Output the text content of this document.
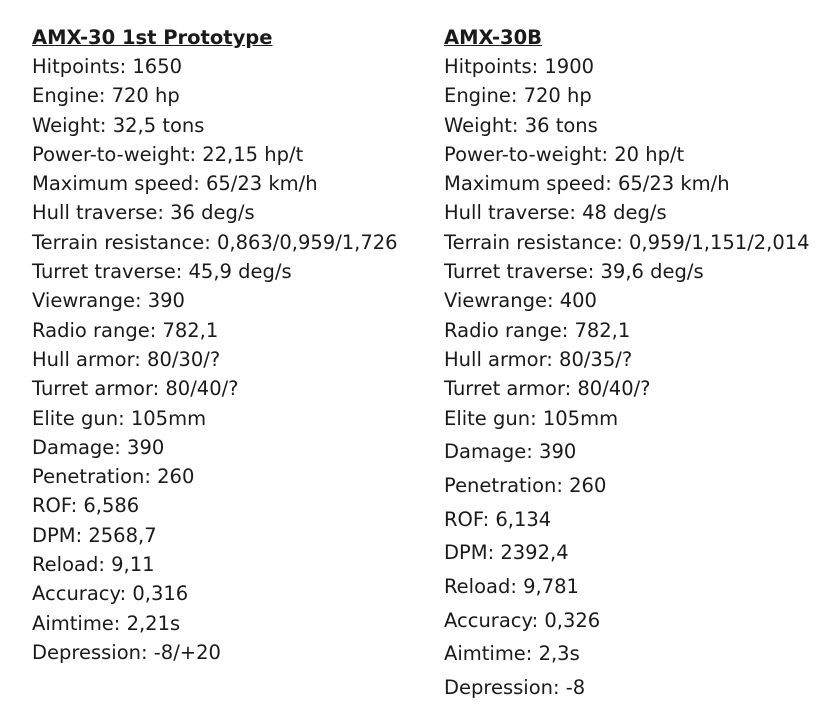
AMX-30 1st Prototype
Hitpoints: 1650
Engine: 720 hp
Weight: 32,5 tons
Power-to-weight: 22,15 hp/t
Maximum speed: 65/23 km/h
Hull traverse: 36 deg/s
Terrain resistance: 0,863/0,959/1,726
Turret traverse: 45,9 deg/s
Viewrange: 390
Radio range: 782,1
Hull armor: 80/30/?
Turret armor: 80/40/?
Elite gun: 105mm
Damage: 390
Penetration: 260
ROF: 6,586
DPM: 2568,7
Reload: 9,11
Accuracy: 0,316
Aimtime: 2,21s
Depression: -8/+20
AMX-30B
Hitpoints: 1900
Engine: 720 hp
Weight: 36 tons
Power-to-weight: 20 hp/t
Maximum speed: 65/23 km/h
Hull traverse: 48 deg/s
Terrain resistance: 0,959/1,151/2,014
Turret traverse: 39,6 deg/s
Viewrange: 400
Radio range: 782,1
Hull armor: 80/35/?
Turret armor: 80/40/?
Elite gun: 105mm
Damage: 390
Penetration: 260
ROF: 6,134
DPM: 2392,4
Reload: 9,781
Accuracy: 0,326
Aimtime: 2,3s
Depression: -8
